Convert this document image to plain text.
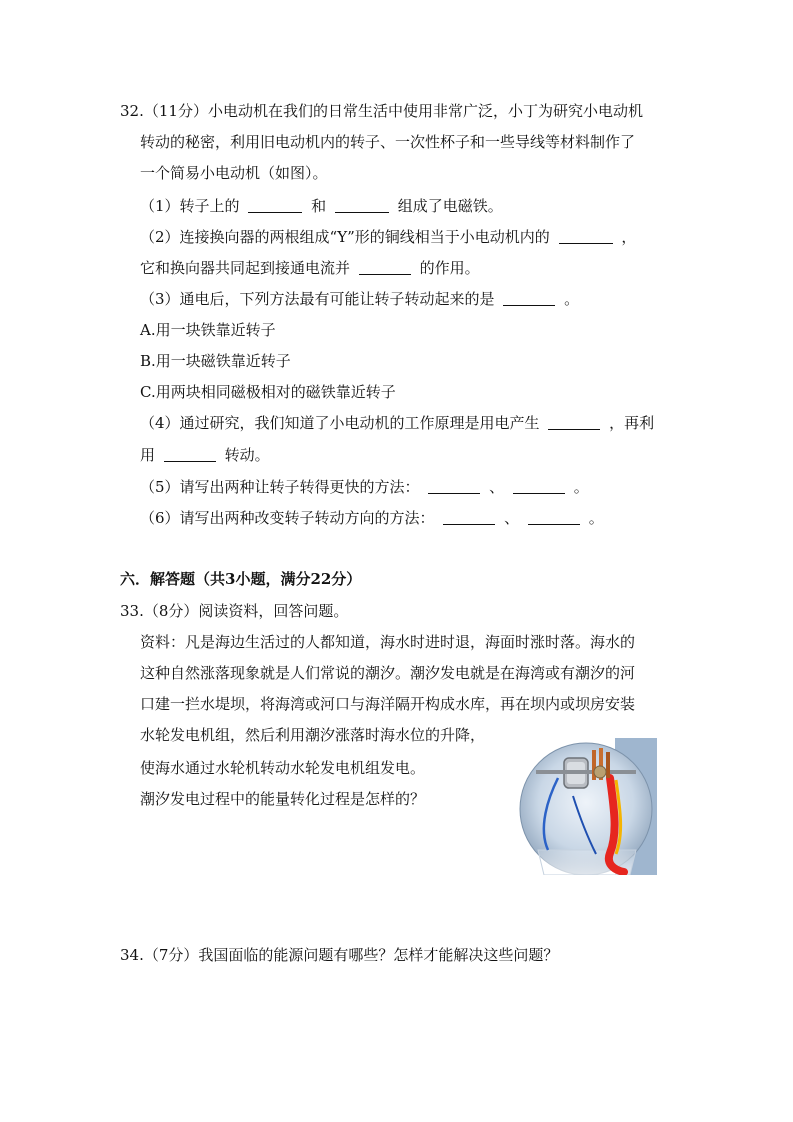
32.（11分）小电动机在我们的日常生活中使用非常广泛，小丁为研究小电动机
转动的秘密，利用旧电动机内的转子、一次性杯子和一些导线等材料制作了
一个简易小电动机（如图）。
（1）转子上的	和	组成了电磁铁。
（2）连接换向器的两根组成“Y”形的铜线相当于小电动机内的	，
它和换向器共同起到接通电流并	的作用。
（3）通电后，下列方法最有可能让转子转动起来的是	。
A.用一块铁靠近转子
B.用一块磁铁靠近转子
C.用两块相同磁极相对的磁铁靠近转子
（4）通过研究，我们知道了小电动机的工作原理是用电产生	，再利
用	转动。
（5）请写出两种让转子转得更快的方法：	、	。
（6）请写出两种改变转子转动方向的方法：	、	。
六．解答题（共3小题，满分22分）
33.（8分）阅读资料，回答问题。
资料：凡是海边生活过的人都知道，海水时进时退，海面时涨时落。海水的
这种自然涨落现象就是人们常说的潮汐。潮汐发电就是在海湾或有潮汐的河
口建一拦水堤坝，将海湾或河口与海洋隔开构成水库，再在坝内或坝房安装
水轮发电机组，然后利用潮汐涨落时海水位的升降，
使海水通过水轮机转动水轮发电机组发电。
潮汐发电过程中的能量转化过程是怎样的？
34.（7分）我国面临的能源问题有哪些？怎样才能解决这些问题？
